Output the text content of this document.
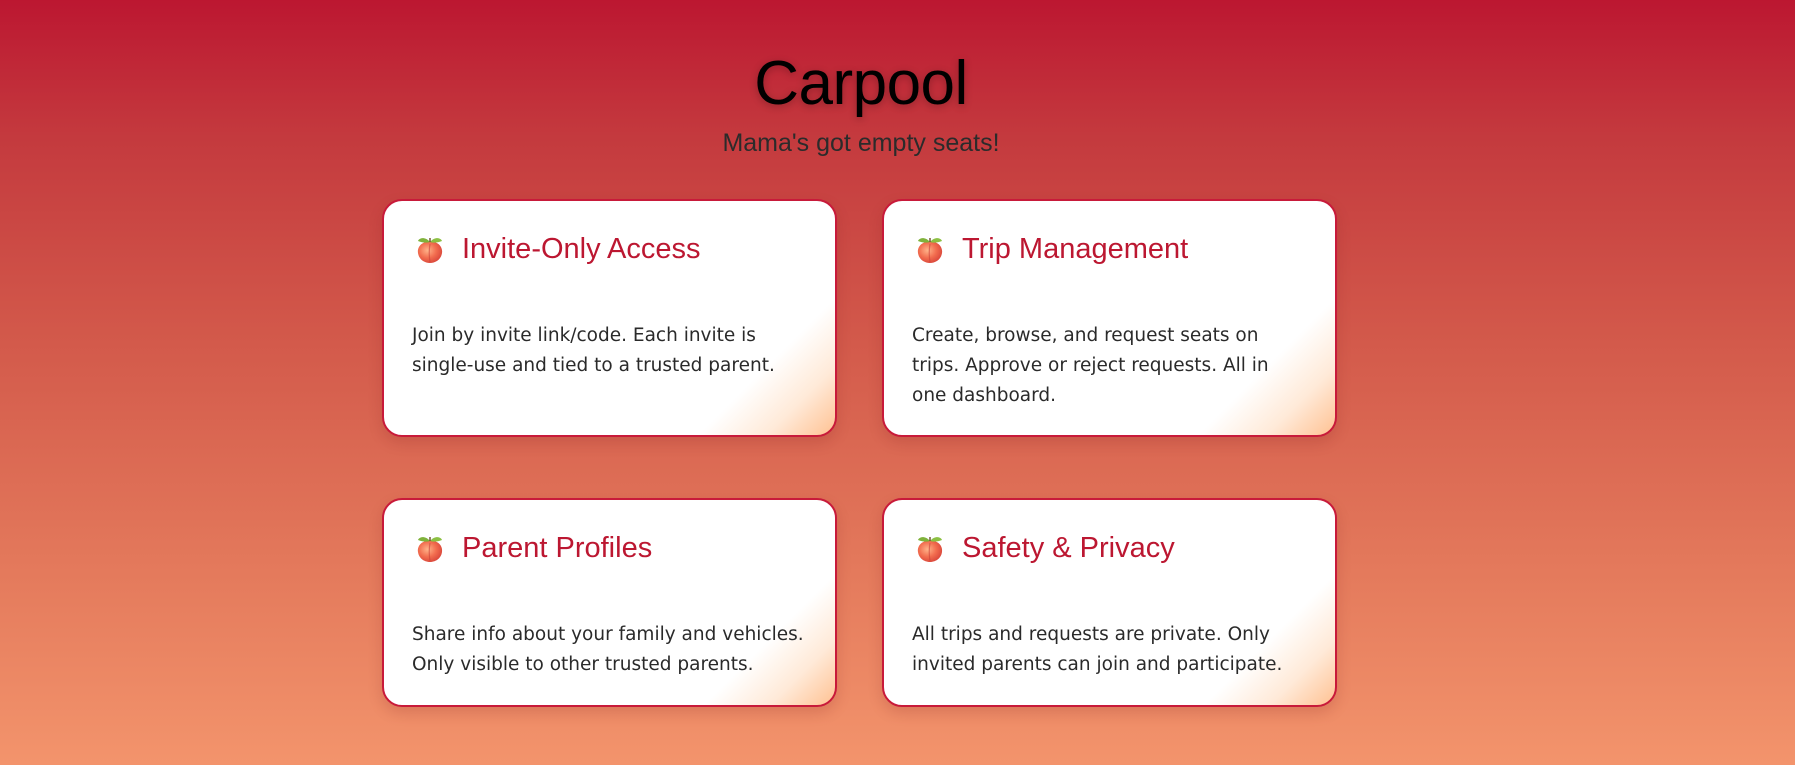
Carpool

Mama's got empty seats!

Invite-Only Access
Join by invite link/code. Each invite is single-use and tied to a trusted parent.
Trip Management
Create, browse, and request seats on trips. Approve or reject requests. All in one dashboard.
Parent Profiles
Share info about your family and vehicles. Only visible to other trusted parents.
Safety & Privacy
All trips and requests are private. Only invited parents can join and participate.
